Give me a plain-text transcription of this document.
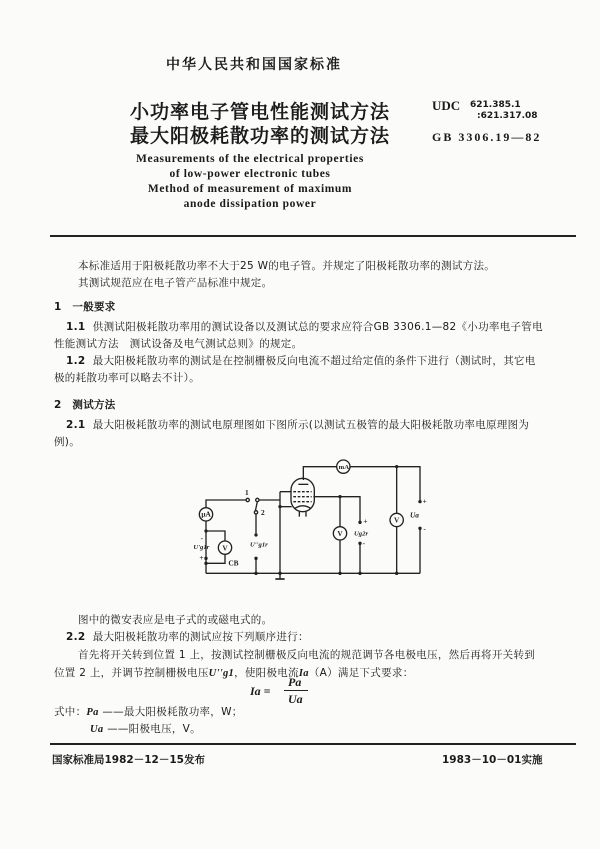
中华人民共和国国家标准
小功率电子管电性能测试方法
最大阳极耗散功率的测试方法
UDC 621.385.1
:621.317.08
GB 3306.19—82
Measurements of the electrical properties
of low-power electronic tubes
Method of measurement of maximum
anode dissipation power
本标准适用于阳极耗散功率不大于25 W的电子管。并规定了阳极耗散功率的测试方法。
其测试规范应在电子管产品标准中规定。
1　一般要求
1.1 供测试阳极耗散功率用的测试设备以及测试总的要求应符合GB 3306.1—82《小功率电子管电
性能测试方法　测试设备及电气测试总则》的规定。
1.2 最大阳极耗散功率的测试是在控制栅极反向电流不超过给定值的条件下进行（测试时，其它电
极的耗散功率可以略去不计）。
2　测试方法
2.1 最大阳极耗散功率的测试电原理图如下图所示(以测试五极管的最大阳极耗散功率电原理图为
例)。
μA
V
mA
V
V
1
2
-
U'g1r
+
CB
U''g1r
+
Ug2r
-
+
Ua
-
图中的微安表应是电子式的或磁电式的。
2.2 最大阳极耗散功率的测试应按下列顺序进行：
首先将开关转到位置 1 上，按测试控制栅极反向电流的规范调节各电极电压，然后再将开关转到
位置 2 上，并调节控制栅极电压U''g1，使阳极电流Ia（A）满足下式要求：
Ia =
Pa
Ua
式中：Pa ——最大阳极耗散功率，W；
Ua ——阳极电压，V。
国家标准局1982－12－15发布	1983－10－01实施
